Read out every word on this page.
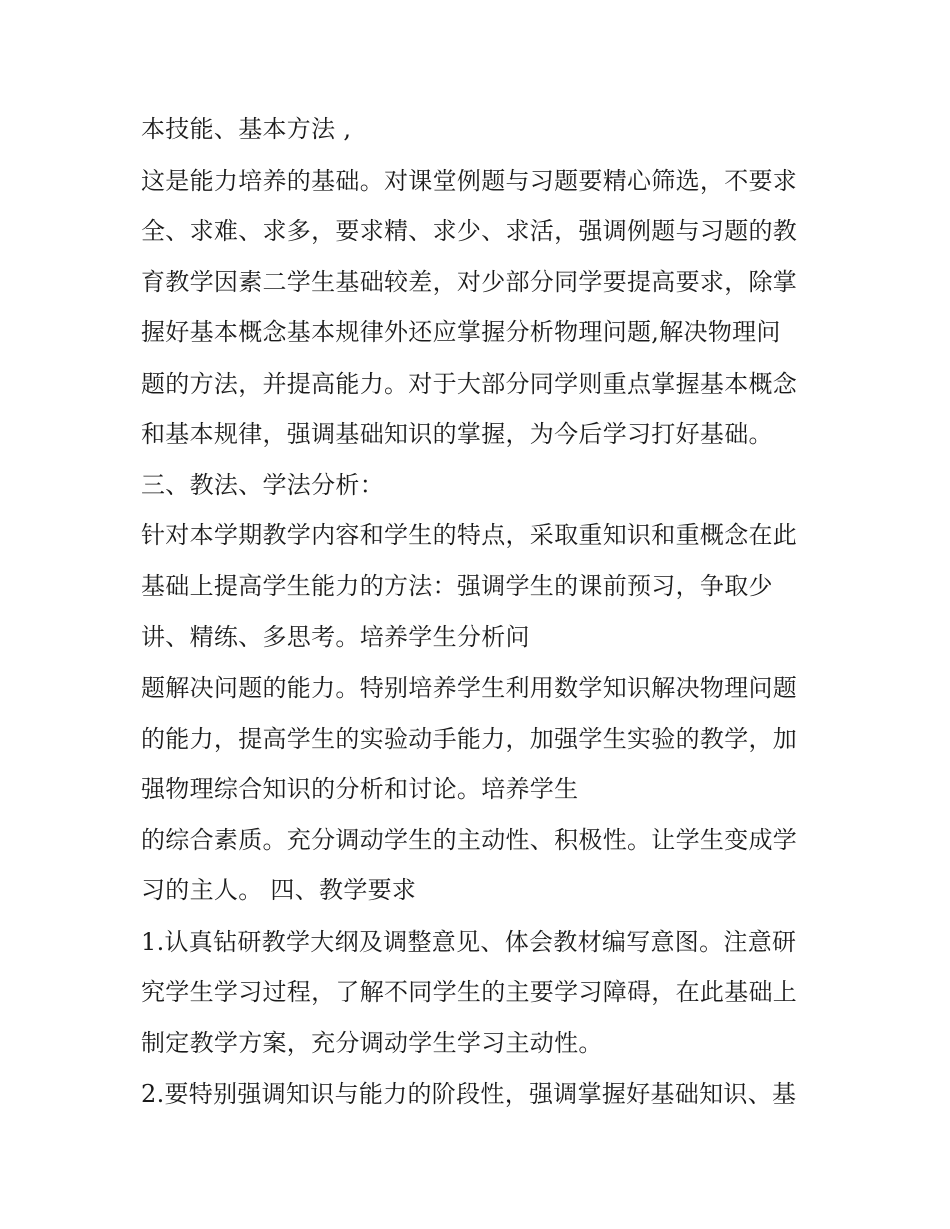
本技能、基本方法 ,
这是能力培养的基础。对课堂例题与习题要精心筛选，不要求
全、求难、求多，要求精、求少、求活，强调例题与习题的教
育教学因素二学生基础较差，对少部分同学要提高要求，除掌
握好基本概念基本规律外还应掌握分析物理问题,解决物理问
题的方法，并提高能力。对于大部分同学则重点掌握基本概念
和基本规律，强调基础知识的掌握，为今后学习打好基础。
三、教法、学法分析：
针对本学期教学内容和学生的特点，采取重知识和重概念在此
基础上提高学生能力的方法：强调学生的课前预习，争取少
讲、精练、多思考。培养学生分析问
题解决问题的能力。特别培养学生利用数学知识解决物理问题
的能力，提高学生的实验动手能力，加强学生实验的教学，加
强物理综合知识的分析和讨论。培养学生
的综合素质。充分调动学生的主动性、积极性。让学生变成学
习的主人。 四、教学要求
1.认真钻研教学大纲及调整意见、体会教材编写意图。注意研
究学生学习过程，了解不同学生的主要学习障碍，在此基础上
制定教学方案，充分调动学生学习主动性。
2.要特别强调知识与能力的阶段性，强调掌握好基础知识、基
